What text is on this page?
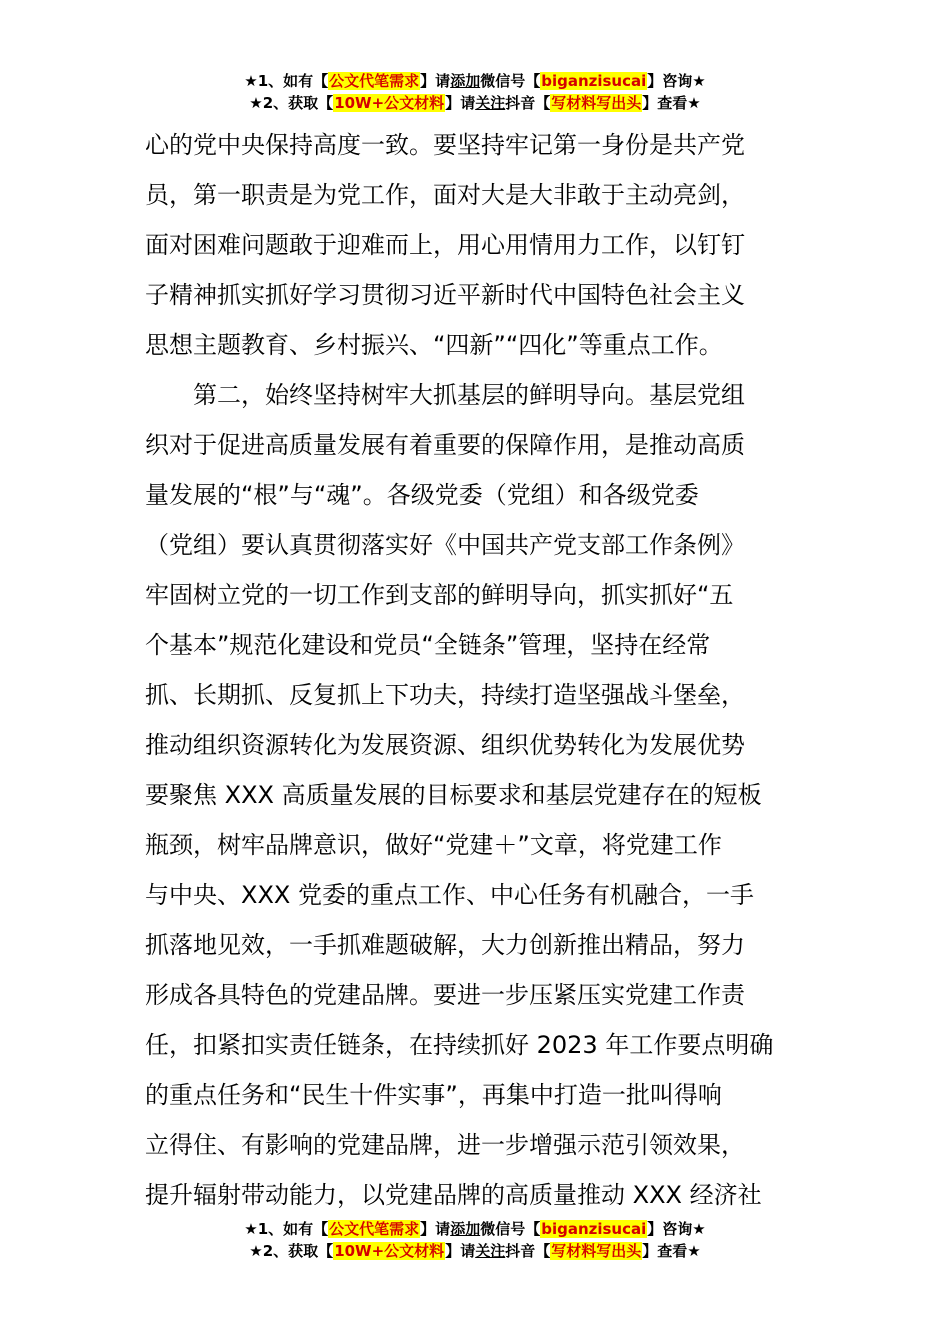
★1、如有【公文代笔需求】请添加微信号【biganzisucai】咨询★
★2、获取【10W+公文材料】请关注抖音【写材料写出头】查看★
心的党中央保持高度一致。要坚持牢记第一身份是共产党
员，第一职责是为党工作，面对大是大非敢于主动亮剑，
面对困难问题敢于迎难而上，用心用情用力工作，以钉钉
子精神抓实抓好学习贯彻习近平新时代中国特色社会主义
思想主题教育、乡村振兴、“四新”“四化”等重点工作。
第二，始终坚持树牢大抓基层的鲜明导向。基层党组
织对于促进高质量发展有着重要的保障作用，是推动高质
量发展的“根”与“魂”。各级党委（党组）和各级党委
（党组）要认真贯彻落实好《中国共产党支部工作条例》
牢固树立党的一切工作到支部的鲜明导向，抓实抓好“五
个基本”规范化建设和党员“全链条”管理，坚持在经常
抓、长期抓、反复抓上下功夫，持续打造坚强战斗堡垒，
推动组织资源转化为发展资源、组织优势转化为发展优势
要聚焦 XXX 高质量发展的目标要求和基层党建存在的短板
瓶颈，树牢品牌意识，做好“党建＋”文章，将党建工作
与中央、XXX 党委的重点工作、中心任务有机融合，一手
抓落地见效，一手抓难题破解，大力创新推出精品，努力
形成各具特色的党建品牌。要进一步压紧压实党建工作责
任，扣紧扣实责任链条，在持续抓好 2023 年工作要点明确
的重点任务和“民生十件实事”，再集中打造一批叫得响
立得住、有影响的党建品牌，进一步增强示范引领效果，
提升辐射带动能力，以党建品牌的高质量推动 XXX 经济社
★1、如有【公文代笔需求】请添加微信号【biganzisucai】咨询★
★2、获取【10W+公文材料】请关注抖音【写材料写出头】查看★
